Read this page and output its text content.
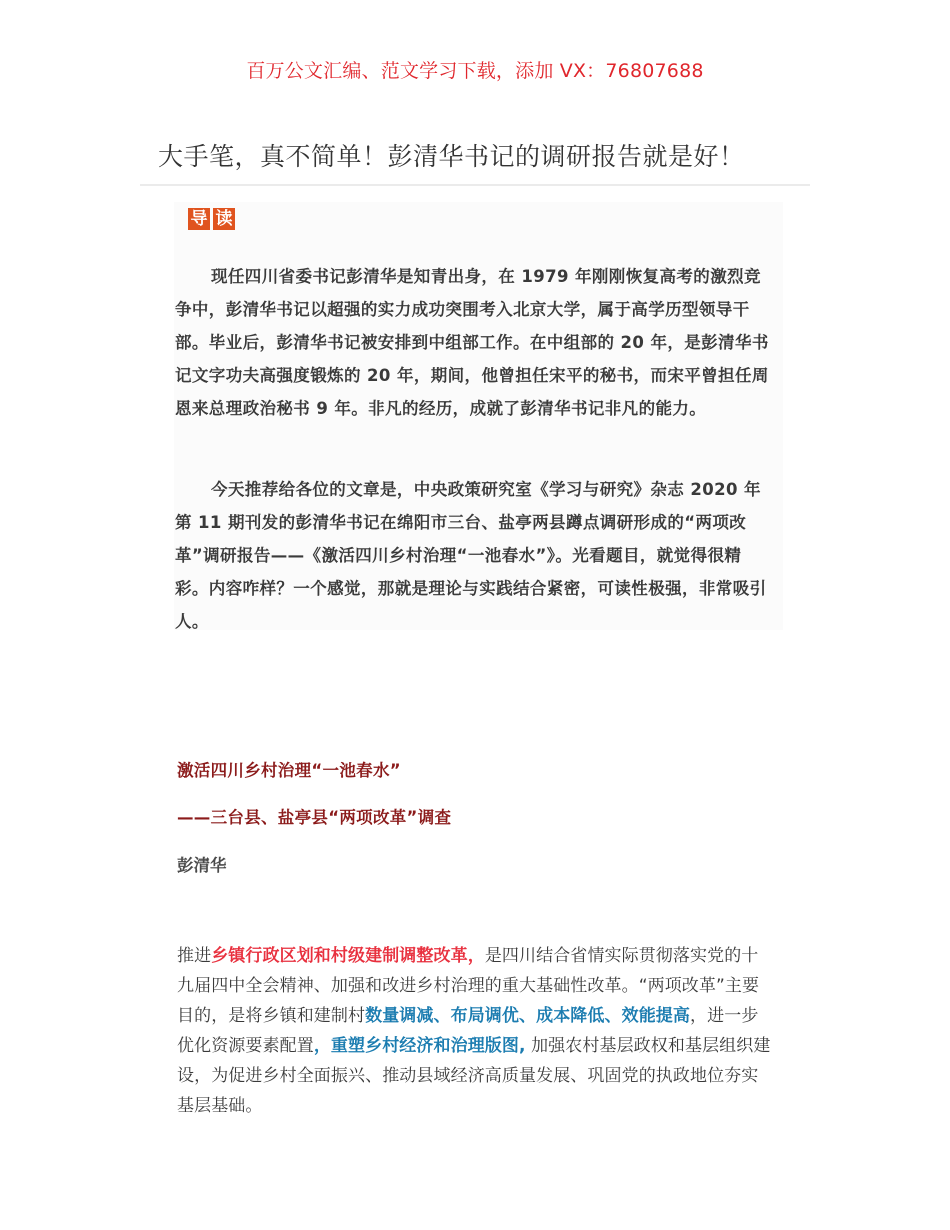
百万公文汇编、范文学习下载，添加 VX：76807688
大手笔，真不简单！彭清华书记的调研报告就是好！
导 读

现任四川省委书记彭清华是知青出身，在 1979 年刚刚恢复高考的激烈竞争中，彭清华书记以超强的实力成功突围考入北京大学，属于高学历型领导干部。毕业后，彭清华书记被安排到中组部工作。在中组部的 20 年，是彭清华书记文字功夫高强度锻炼的 20 年，期间，他曾担任宋平的秘书，而宋平曾担任周恩来总理政治秘书 9 年。非凡的经历，成就了彭清华书记非凡的能力。

今天推荐给各位的文章是，中央政策研究室《学习与研究》杂志 2020 年第 11 期刊发的彭清华书记在绵阳市三台、盐亭两县蹲点调研形成的“两项改革”调研报告——《激活四川乡村治理“一池春水”》。光看题目，就觉得很精彩。内容咋样？一个感觉，那就是理论与实践结合紧密，可读性极强，非常吸引人。

激活四川乡村治理“一池春水”
——三台县、盐亭县“两项改革”调查
彭清华

推进乡镇行政区划和村级建制调整改革，是四川结合省情实际贯彻落实党的十九届四中全会精神、加强和改进乡村治理的重大基础性改革。“两项改革”主要目的，是将乡镇和建制村数量调减、布局调优、成本降低、效能提高，进一步优化资源要素配置，重塑乡村经济和治理版图, 加强农村基层政权和基层组织建设，为促进乡村全面振兴、推动县域经济高质量发展、巩固党的执政地位夯实基层基础。
